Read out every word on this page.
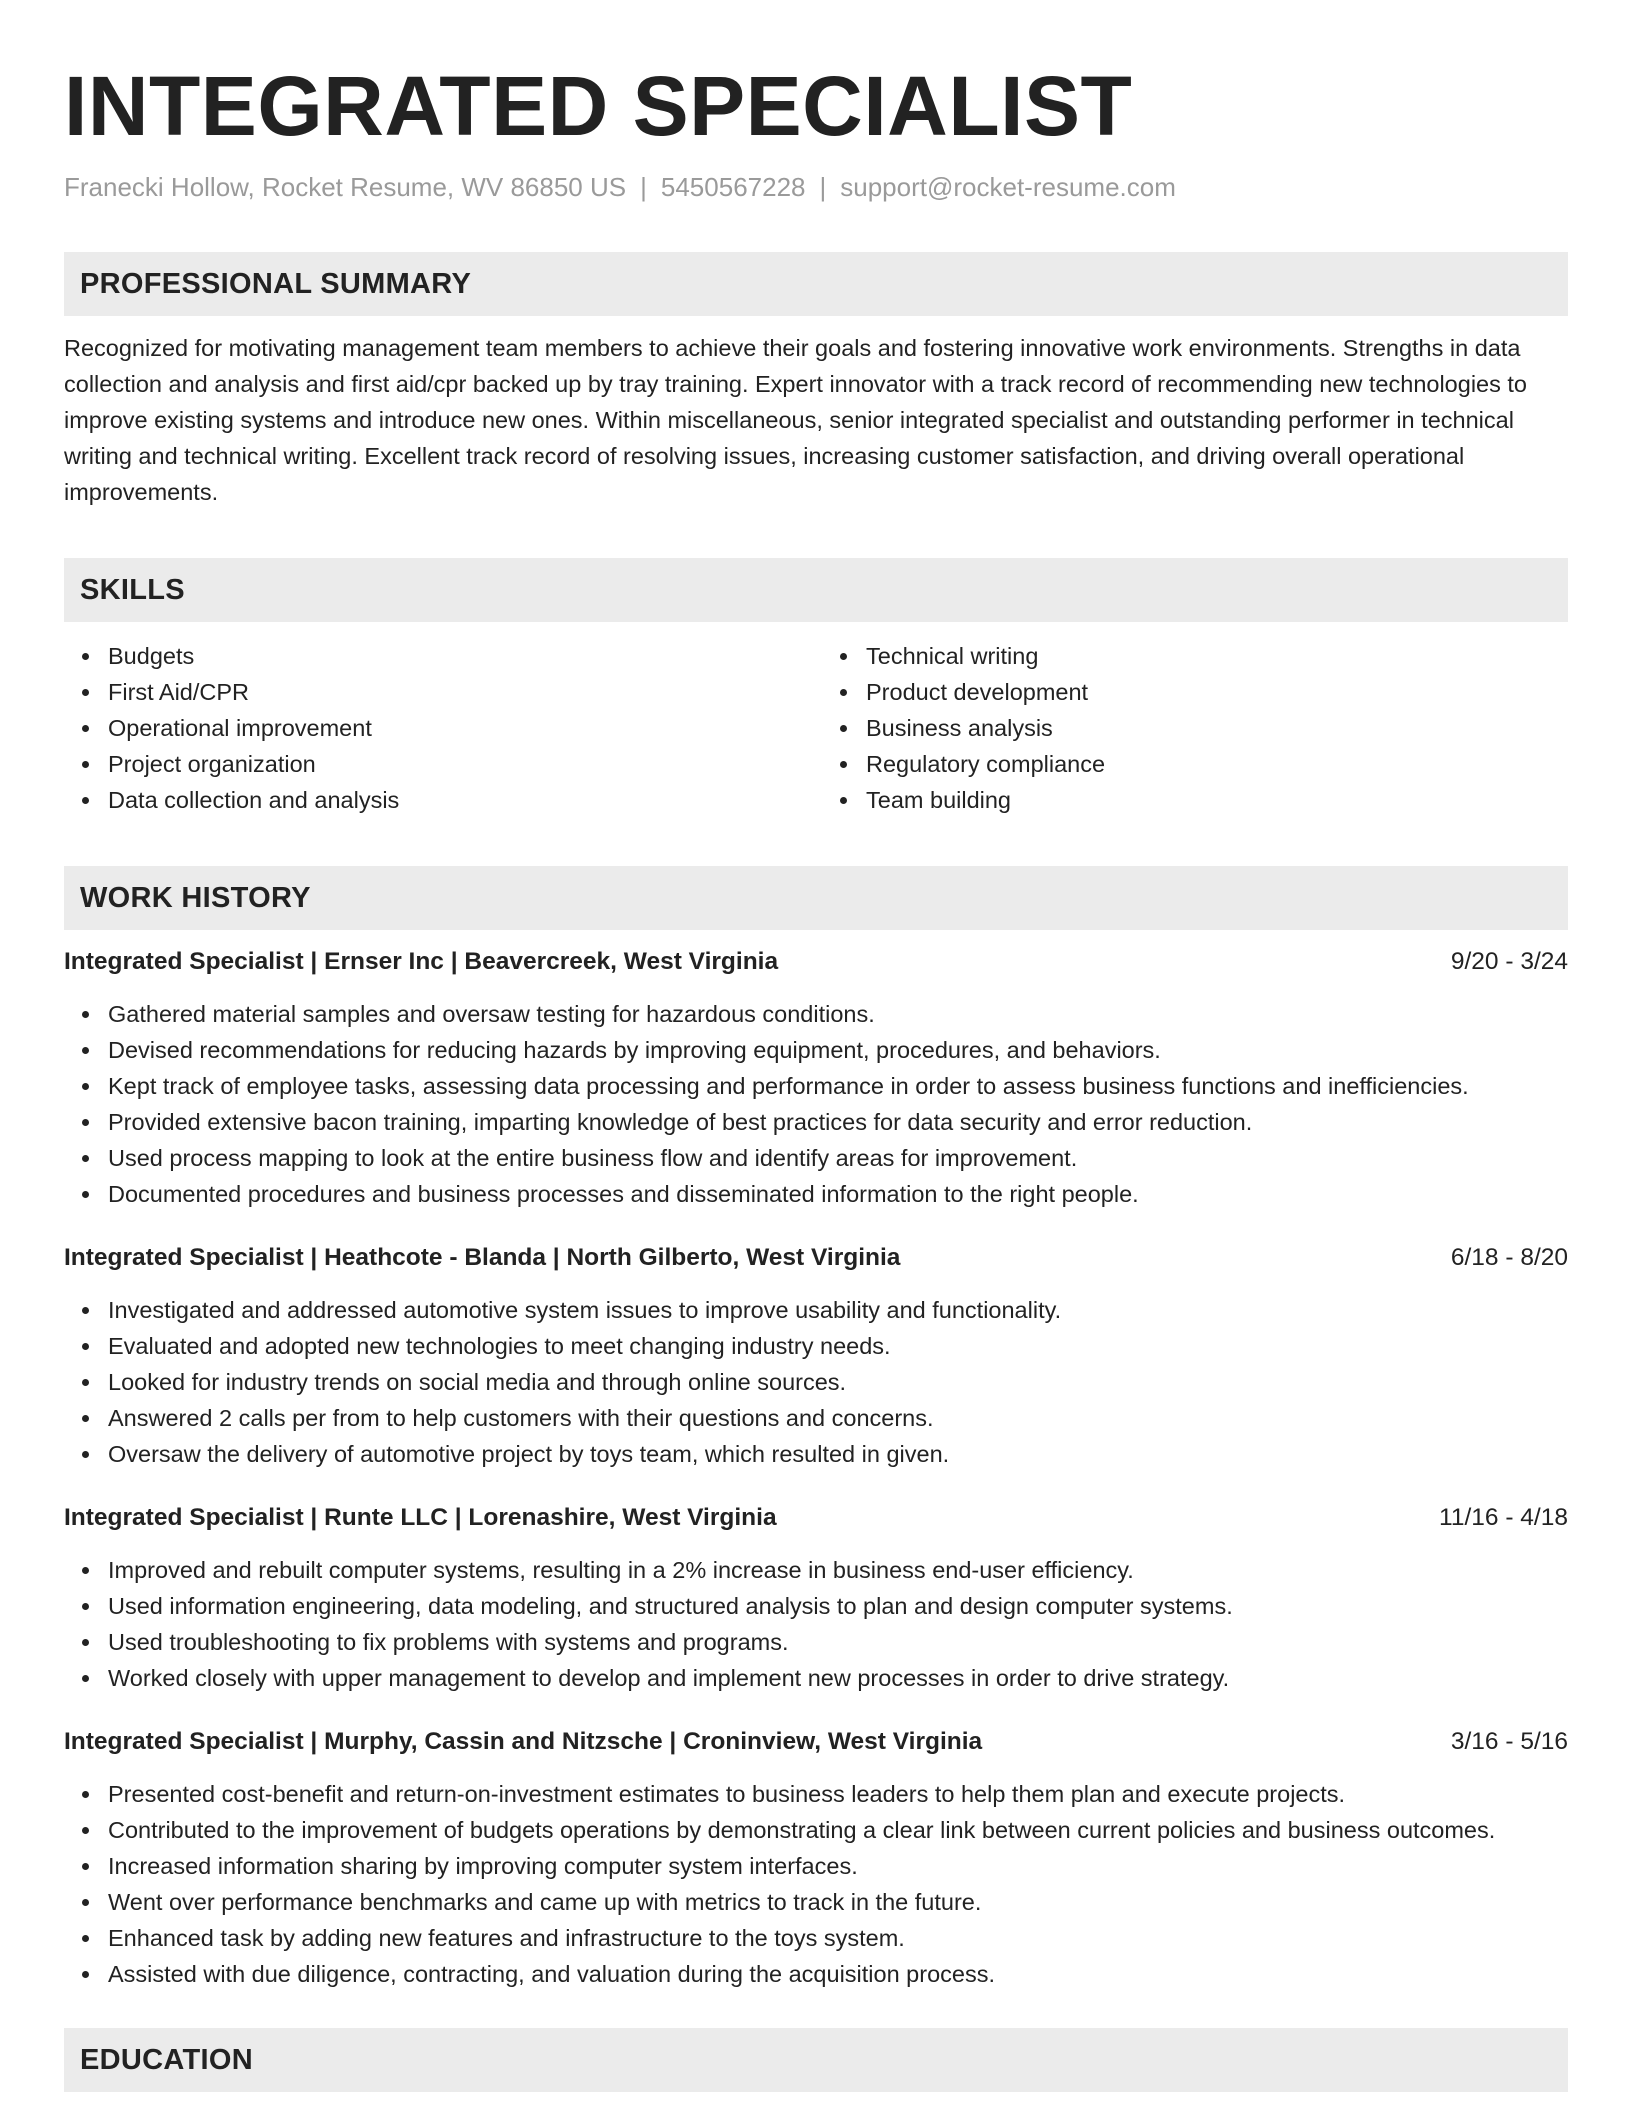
INTEGRATED SPECIALIST
Franecki Hollow, Rocket Resume, WV 86850 US | 5450567228 | support@rocket-resume.com
PROFESSIONAL SUMMARY

Recognized for motivating management team members to achieve their goals and fostering innovative work environments. Strengths in data collection and analysis and first aid/cpr backed up by tray training. Expert innovator with a track record of recommending new technologies to improve existing systems and introduce new ones. Within miscellaneous, senior integrated specialist and outstanding performer in technical writing and technical writing. Excellent track record of resolving issues, increasing customer satisfaction, and driving overall operational improvements.

SKILLS
Budgets
First Aid/CPR
Operational improvement
Project organization
Data collection and analysis
Technical writing
Product development
Business analysis
Regulatory compliance
Team building
WORK HISTORY
Integrated Specialist | Ernser Inc | Beavercreek, West Virginia	9/20 - 3/24
Gathered material samples and oversaw testing for hazardous conditions.
Devised recommendations for reducing hazards by improving equipment, procedures, and behaviors.
Kept track of employee tasks, assessing data processing and performance in order to assess business functions and inefficiencies.
Provided extensive bacon training, imparting knowledge of best practices for data security and error reduction.
Used process mapping to look at the entire business flow and identify areas for improvement.
Documented procedures and business processes and disseminated information to the right people.
Integrated Specialist | Heathcote - Blanda | North Gilberto, West Virginia	6/18 - 8/20
Investigated and addressed automotive system issues to improve usability and functionality.
Evaluated and adopted new technologies to meet changing industry needs.
Looked for industry trends on social media and through online sources.
Answered 2 calls per from to help customers with their questions and concerns.
Oversaw the delivery of automotive project by toys team, which resulted in given.
Integrated Specialist | Runte LLC | Lorenashire, West Virginia	11/16 - 4/18
Improved and rebuilt computer systems, resulting in a 2% increase in business end-user efficiency.
Used information engineering, data modeling, and structured analysis to plan and design computer systems.
Used troubleshooting to fix problems with systems and programs.
Worked closely with upper management to develop and implement new processes in order to drive strategy.
Integrated Specialist | Murphy, Cassin and Nitzsche | Croninview, West Virginia	3/16 - 5/16
Presented cost-benefit and return-on-investment estimates to business leaders to help them plan and execute projects.
Contributed to the improvement of budgets operations by demonstrating a clear link between current policies and business outcomes.
Increased information sharing by improving computer system interfaces.
Went over performance benchmarks and came up with metrics to track in the future.
Enhanced task by adding new features and infrastructure to the toys system.
Assisted with due diligence, contracting, and valuation during the acquisition process.
EDUCATION
